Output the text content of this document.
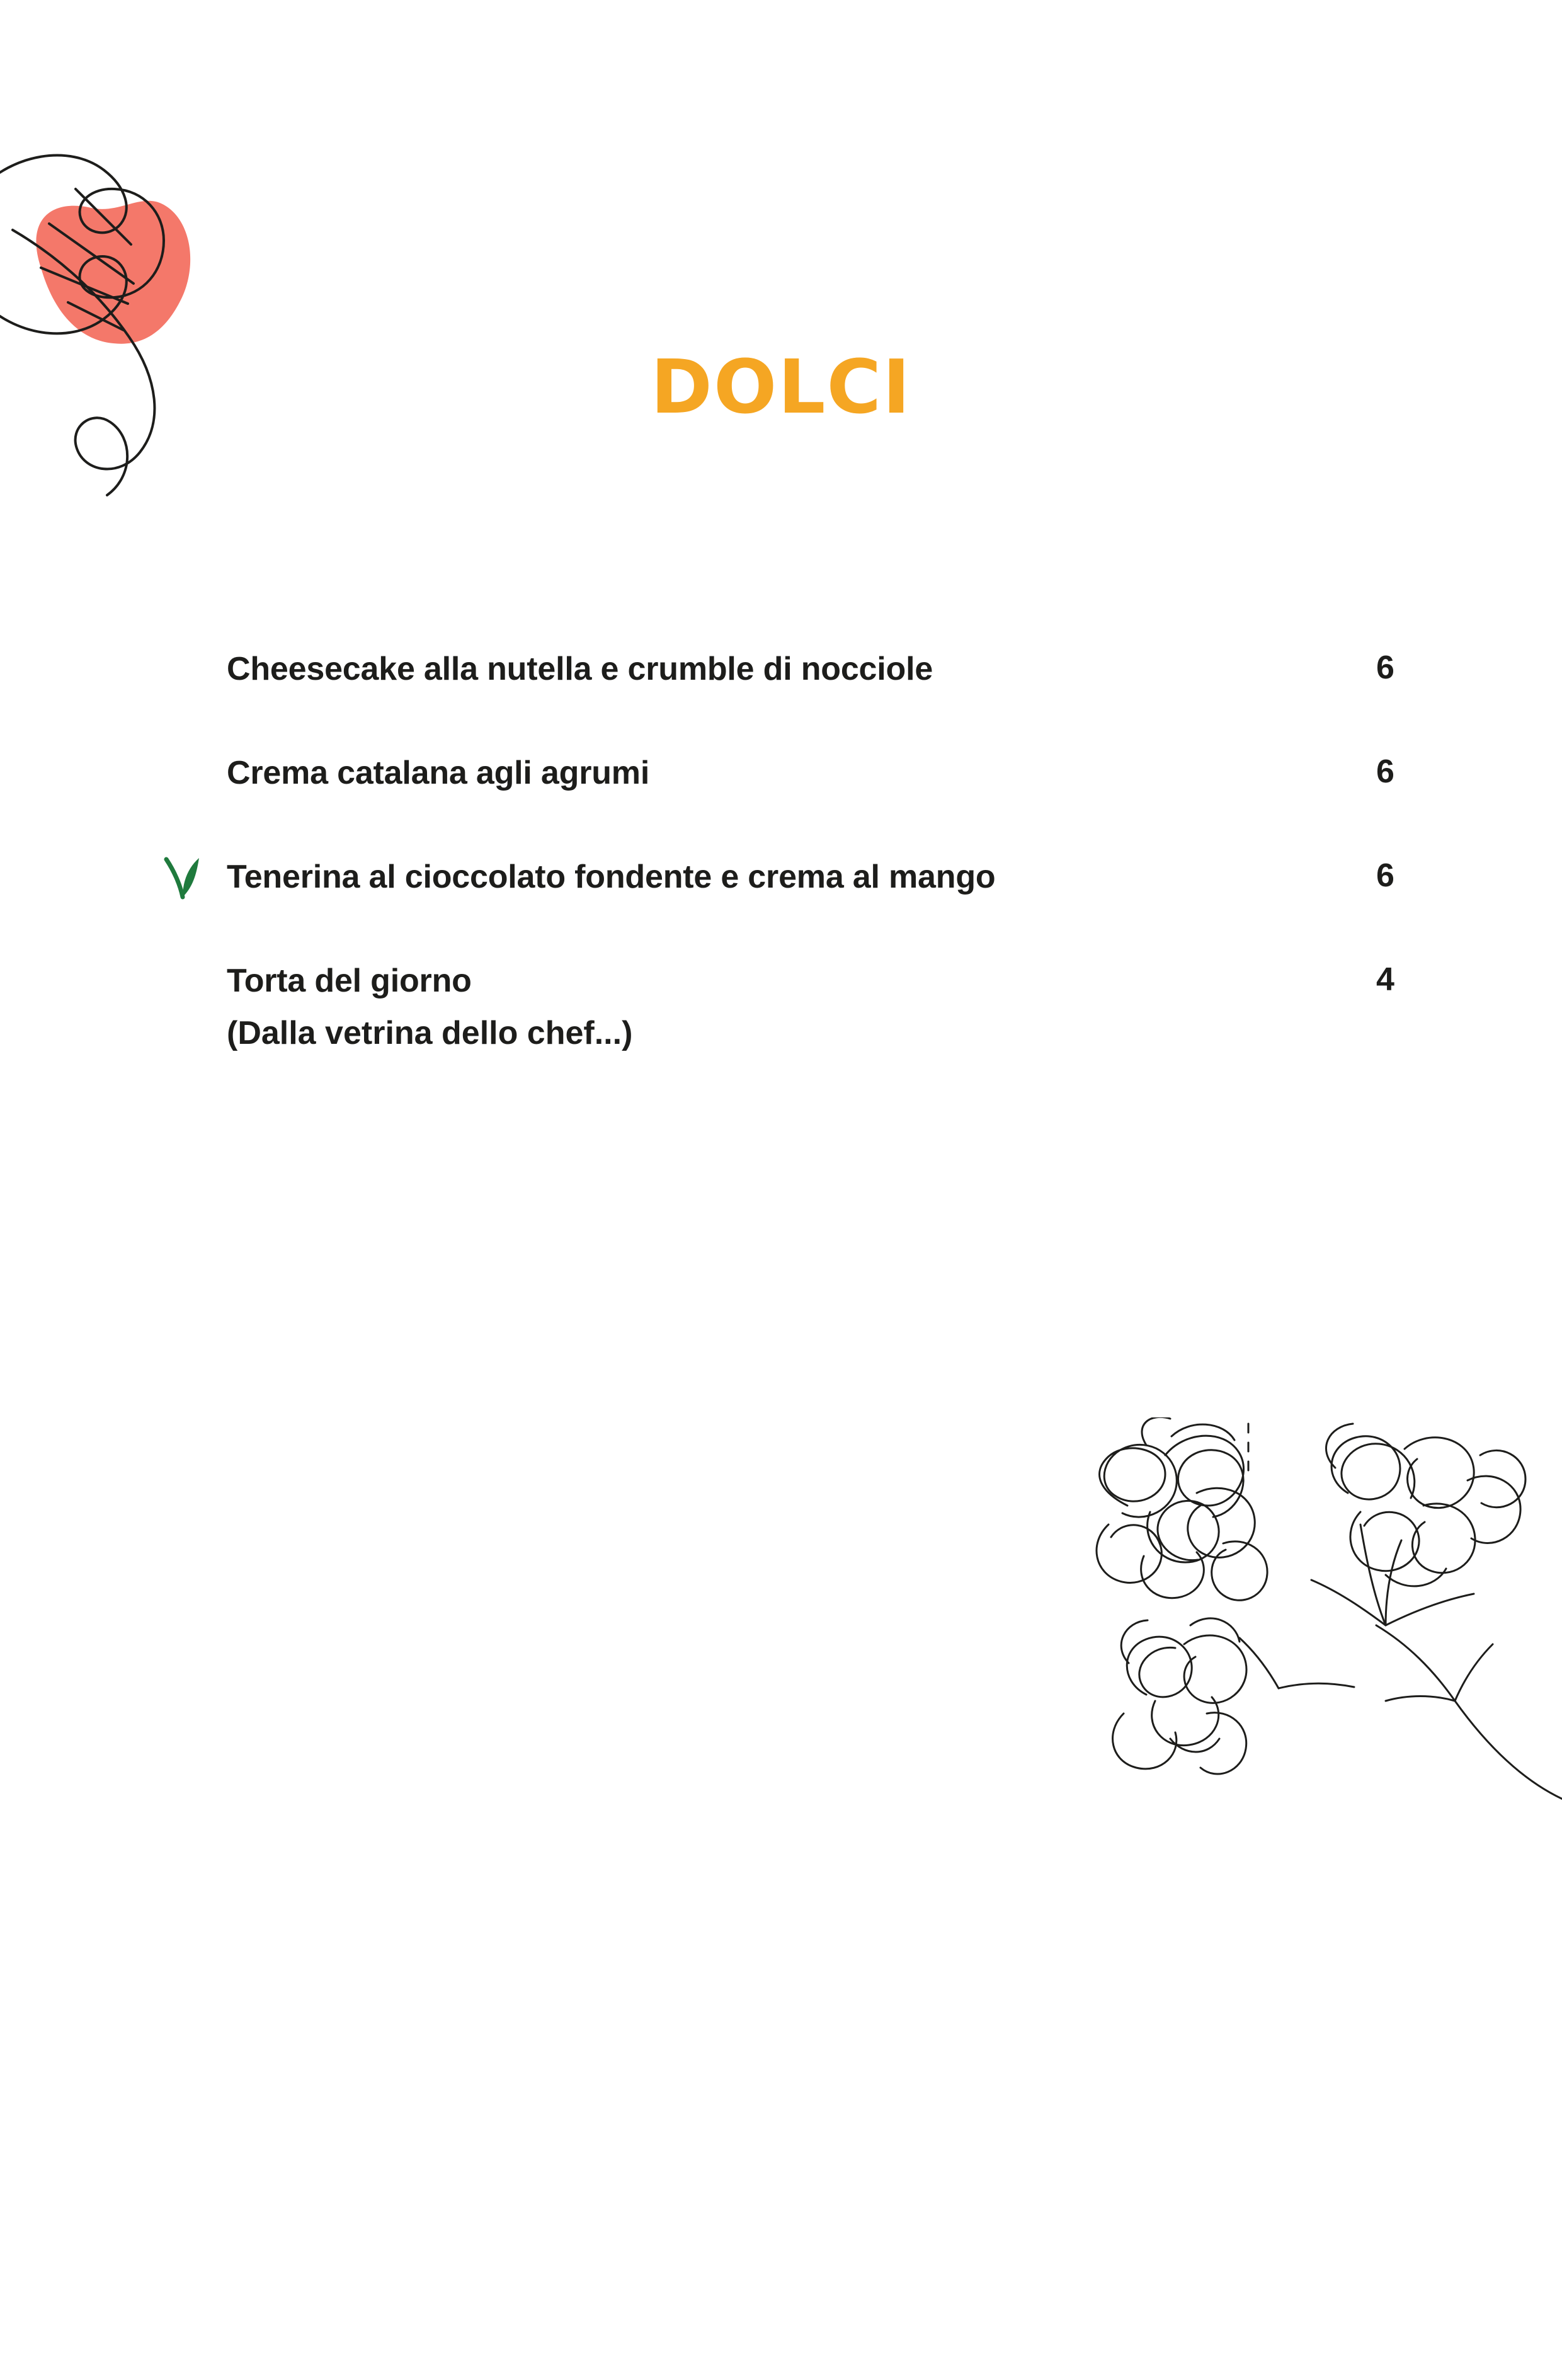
DOLCI
Cheesecake alla nutella e crumble di nocciole	6
Crema catalana agli agrumi	6
Tenerina al cioccolato fondente e crema al mango	6
Torta del giorno	4
(Dalla vetrina dello chef...)
